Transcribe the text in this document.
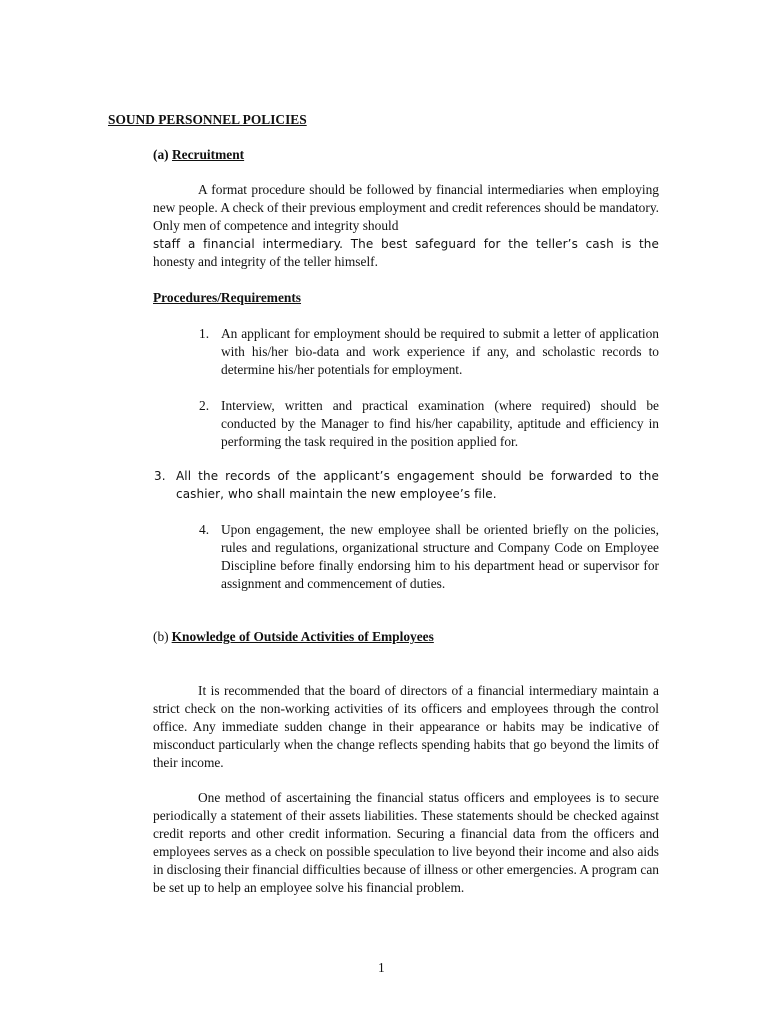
SOUND PERSONNEL POLICIES
(a) Recruitment

A format procedure should be followed by financial intermediaries when employing new people. A check of their previous employment and credit references should be mandatory. Only men of competence and integrity should

staff a financial intermediary. The best safeguard for the teller’s cash is the
honesty and integrity of the teller himself.
Procedures/Requirements
1. An applicant for employment should be required to submit a letter of application with his/her bio-data and work experience if any, and scholastic records to determine his/her potentials for employment.
2. Interview, written and practical examination (where required) should be conducted by the Manager to find his/her capability, aptitude and efficiency in performing the task required in the position applied for.
3. All the records of the applicant’s engagement should be forwarded to the cashier, who shall maintain the new employee’s file.
4. Upon engagement, the new employee shall be oriented briefly on the policies, rules and regulations, organizational structure and Company Code on Employee Discipline before finally endorsing him to his department head or supervisor for assignment and commencement of duties.
(b) Knowledge of Outside Activities of Employees

It is recommended that the board of directors of a financial intermediary maintain a strict check on the non-working activities of its officers and employees through the control office. Any immediate sudden change in their appearance or habits may be indicative of misconduct particularly when the change reflects spending habits that go beyond the limits of their income.

One method of ascertaining the financial status officers and employees is to secure periodically a statement of their assets liabilities. These statements should be checked against credit reports and other credit information. Securing a financial data from the officers and employees serves as a check on possible speculation to live beyond their income and also aids in disclosing their financial difficulties because of illness or other emergencies. A program can be set up to help an employee solve his financial problem.

1
